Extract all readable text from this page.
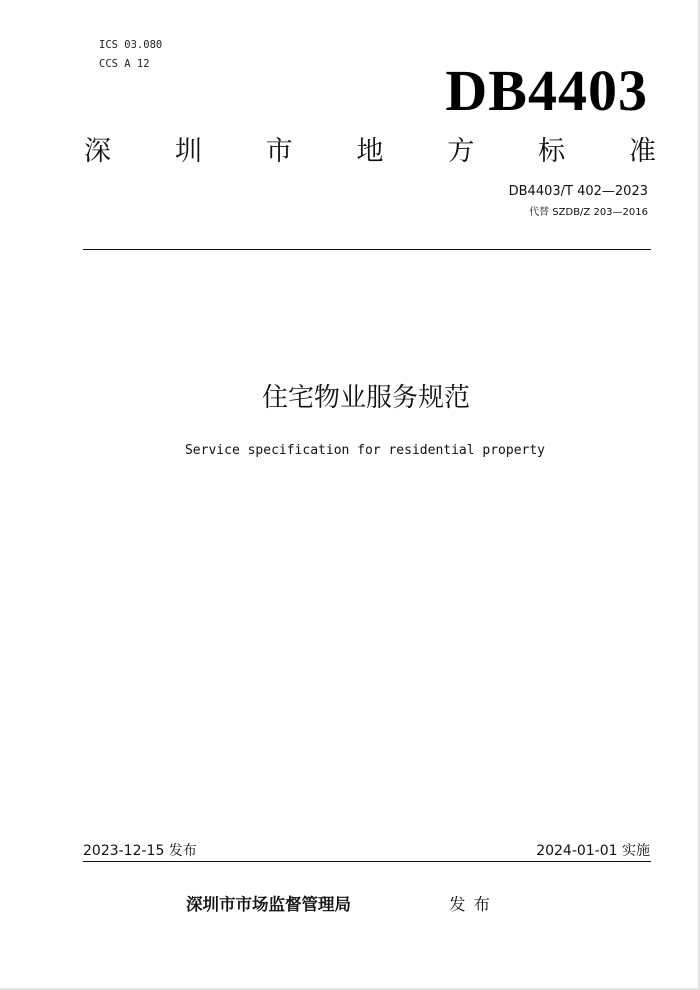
ICS 03.080
CCS A 12	DB4403
深 圳 市 地 方 标 准
DB4403/T 402—2023
代替 SZDB/Z 203—2016
住宅物业服务规范
Service specification for residential property
2023-12-15 发布	2024-01-01 实施
深圳市市场监督管理局	发布
